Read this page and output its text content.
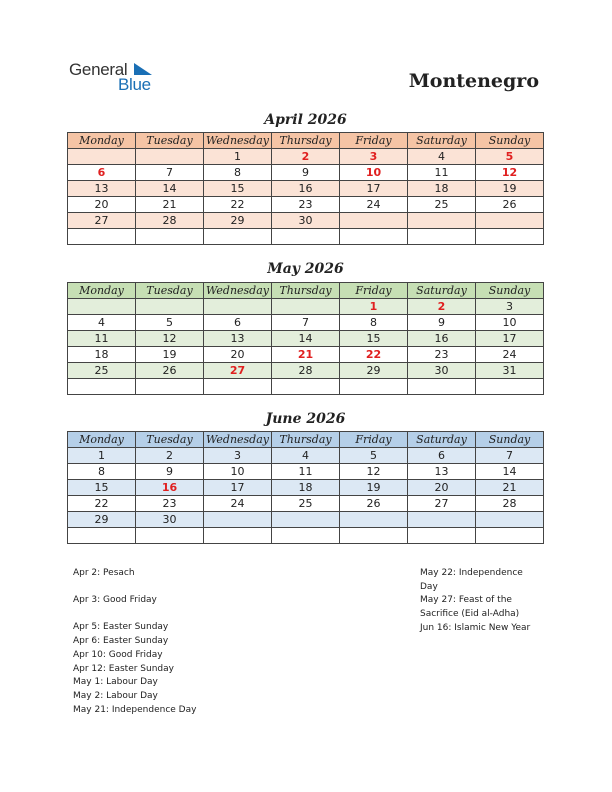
General
Blue	Montenegro
April 2026
Monday	Tuesday	Wednesday	Thursday	Friday	Saturday	Sunday
		1	2	3	4	5
6	7	8	9	10	11	12
13	14	15	16	17	18	19
20	21	22	23	24	25	26
27	28	29	30			

May 2026
Monday	Tuesday	Wednesday	Thursday	Friday	Saturday	Sunday
				1	2	3
4	5	6	7	8	9	10
11	12	13	14	15	16	17
18	19	20	21	22	23	24
25	26	27	28	29	30	31

June 2026
Monday	Tuesday	Wednesday	Thursday	Friday	Saturday	Sunday
1	2	3	4	5	6	7
8	9	10	11	12	13	14
15	16	17	18	19	20	21
22	23	24	25	26	27	28
29	30					

Apr 2: Pesach
Apr 3: Good Friday
Apr 5: Easter Sunday
Apr 6: Easter Sunday
Apr 10: Good Friday
Apr 12: Easter Sunday
May 1: Labour Day
May 2: Labour Day
May 21: Independence Day
May 22: Independence
Day
May 27: Feast of the
Sacrifice (Eid al-Adha)
Jun 16: Islamic New Year
